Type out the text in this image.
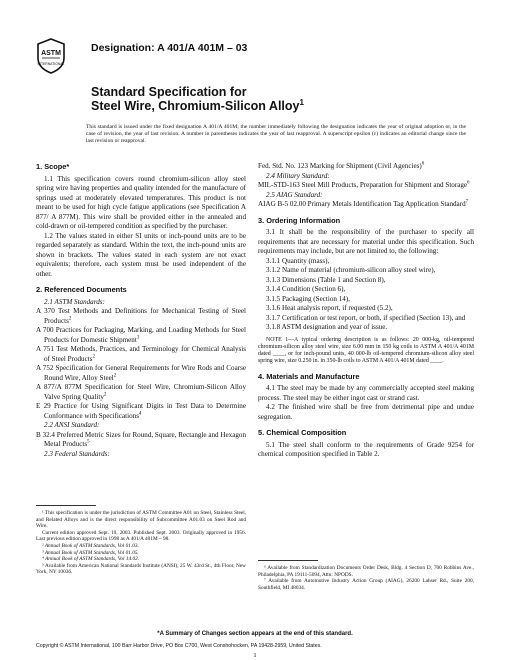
ASTM
INTERNATIONAL
Designation: A 401/A 401M – 03
Standard Specification for
Steel Wire, Chromium-Silicon Alloy$^1$
This standard is issued under the fixed designation A 401/A 401M; the number immediately following the designation indicates the year of original adoption or, in the case of revision, the year of last revision. A number in parentheses indicates the year of last reapproval. A superscript epsilon (ε) indicates an editorial change since the last revision or reapproval.
1. Scope*

1.1 This specification covers round chromium-silicon alloy steel spring wire having properties and quality intended for the manufacture of springs used at moderately elevated temperatures. This product is not meant to be used for high cycle fatigue applications (see Specification A 877/ A 877M). This wire shall be provided either in the annealed and cold-drawn or oil-tempered condition as specified by the purchaser.

1.2 The values stated in either SI units or inch-pound units are to be regarded separately as standard. Within the text, the inch-pound units are shown in brackets. The values stated in each system are not exact equivalents; therefore, each system must be used independent of the other.

2. Referenced Documents

2.1 ASTM Standards:

A 370 Test Methods and Definitions for Mechanical Testing of Steel Products$^2$

A 700 Practices for Packaging, Marking, and Loading Methods for Steel Products for Domestic Shipment$^3$

A 751 Test Methods, Practices, and Terminology for Chemical Analysis of Steel Products$^2$

A 752 Specification for General Requirements for Wire Rods and Coarse Round Wire, Alloy Steel$^2$

A 877/A 877M Specification for Steel Wire, Chromium-Silicon Alloy Valve Spring Quality$^2$

E 29 Practice for Using Significant Digits in Test Data to Determine Conformance with Specifications$^4$

2.2 ANSI Standard:

B 32.4 Preferred Metric Sizes for Round, Square, Rectangle and Hexagon Metal Products$^5$

2.3 Federal Standards:

¹ This specification is under the jurisdiction of ASTM Committee A01 on Steel, Stainless Steel, and Related Alloys and is the direct responsibility of Subcommittee A01.03 on Steel Rod and Wire.

Current edition approved Sept. 10, 2003. Published Sept. 2003. Originally approved in 1956. Last previous edition approved in 1998 as A 401/A 401M – 98.

² Annual Book of ASTM Standards, Vol 01.03.

³ Annual Book of ASTM Standards, Vol 01.05.

⁴ Annual Book of ASTM Standards, Vol 14.02.

⁵ Available from American National Standards Institute (ANSI), 25 W. 43rd St., 4th Floor, New York, NY 10036.

Fed. Std. No. 123 Marking for Shipment (Civil Agencies)$^6$

2.4 Military Standard:

MIL-STD-163 Steel Mill Products, Preparation for Shipment and Storage$^6$

2.5 AIAG Standard:

AIAG B-5 02.00 Primary Metals Identification Tag Application Standard$^7$

3. Ordering Information

3.1 It shall be the responsibility of the purchaser to specify all requirements that are necessary for material under this specification. Such requirements may include, but are not limited to, the following:

3.1.1 Quantity (mass),

3.1.2 Name of material (chromium-silicon alloy steel wire),

3.1.3 Dimensions (Table 1 and Section 8),

3.1.4 Condition (Section 6),

3.1.5 Packaging (Section 14),

3.1.6 Heat analysis report, if requested (5.2),

3.1.7 Certification or test report, or both, if specified (Section 13), and

3.1.8 ASTM designation and year of issue.

NOTE 1—A typical ordering description is as follows: 20 000-kg, oil-tempered chromium-silicon alloy steel wire, size 6.00 mm in 150 kg coils to ASTM A 401/A 401M dated ____, or for inch-pound units, 40 000-lb oil-tempered chromium-silicon alloy steel spring wire, size 0.250 in. in 350-lb coils to ASTM A 401/A 401M dated ____.

4. Materials and Manufacture

4.1 The steel may be made by any commercially accepted steel making process. The steel may be either ingot cast or strand cast.

4.2 The finished wire shall be free from detrimental pipe and undue segregation.

5. Chemical Composition

5.1 The steel shall conform to the requirements of Grade 9254 for chemical composition specified in Table 2.

⁶ Available from Standardization Documents Order Desk, Bldg. 4 Section D, 700 Robbins Ave., Philadelphia, PA 19111-5094, Attn: NPODS.

⁷ Available from Automotive Industry Action Group (AIAG), 26200 Lahser Rd., Suite 200, Southfield, MI 48034.

*A Summary of Changes section appears at the end of this standard.
Copyright © ASTM International, 100 Barr Harbor Drive, PO Box C700, West Conshohocken, PA 19428-2959, United States.
1
